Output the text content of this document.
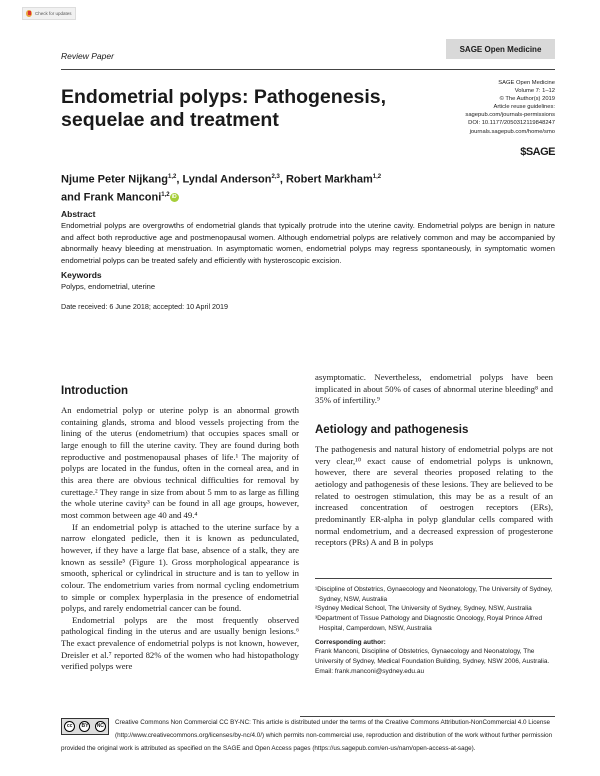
Check for updates
Review Paper
SAGE Open Medicine
Endometrial polyps: Pathogenesis,
sequelae and treatment
SAGE Open Medicine
Volume 7: 1–12
© The Author(s) 2019
Article reuse guidelines:
sagepub.com/journals-permissions
DOI: 10.1177/2050312119848247
journals.sagepub.com/home/smo
$SAGE
Njume Peter Nijkang$^{1,2}$, Lyndal Anderson$^{2,3}$, Robert Markham$^{1,2}$
and Frank Manconi$^{1,2}$ iD
Abstract
Endometrial polyps are overgrowths of endometrial glands that typically protrude into the uterine cavity. Endometrial polyps are benign in nature and affect both reproductive age and postmenopausal women. Although endometrial polyps are relatively common and may be accompanied by abnormally heavy bleeding at menstruation. In asymptomatic women, endometrial polyps may regress spontaneously, in symptomatic women endometrial polyps can be treated safely and efficiently with hysteroscopic excision.
Keywords
Polyps, endometrial, uterine
Date received: 6 June 2018; accepted: 10 April 2019
Introduction

An endometrial polyp or uterine polyp is an abnormal growth containing glands, stroma and blood vessels projecting from the lining of the uterus (endometrium) that occupies spaces small or large enough to fill the uterine cavity. They are found during both reproductive and postmenopausal phases of life.¹ The majority of polyps are located in the fundus, often in the corneal area, and in this area there are obvious technical difficulties for removal by curettage.² They range in size from about 5 mm to as large as filling the whole uterine cavity³ can be found in all age groups, however, most common between age 40 and 49.⁴

If an endometrial polyp is attached to the uterine surface by a narrow elongated pedicle, then it is known as pedunculated, however, if they have a large flat base, absence of a stalk, they are known as sessile⁵ (Figure 1). Gross morphological appearance is smooth, spherical or cylindrical in structure and is tan to yellow in colour. The endometrium varies from normal cycling endometrium to simple or complex hyperplasia in the presence of endometrial polyps, and rarely endometrial cancer can be found.

Endometrial polyps are the most frequently observed pathological finding in the uterus and are usually benign lesions.⁶ The exact prevalence of endometrial polyps is not known, however, Dreisler et al.⁷ reported 82% of the women who had histopathology verified polyps were

asymptomatic. Nevertheless, endometrial polyps have been implicated in about 50% of cases of abnormal uterine bleeding⁸ and 35% of infertility.⁹

Aetiology and pathogenesis

The pathogenesis and natural history of endometrial polyps are not very clear,¹⁰ exact cause of endometrial polyps is unknown, however, there are several theories proposed relating to the aetiology and pathogenesis of these lesions. They are believed to be related to oestrogen stimulation, this may be as a result of an increased concentration of oestrogen receptors (ERs), predominantly ER-alpha in polyp glandular cells compared with normal endometrium, and a decreased expression of progesterone receptors (PRs) A and B in polyps

¹Discipline of Obstetrics, Gynaecology and Neonatology, The University of Sydney, Sydney, NSW, Australia
²Sydney Medical School, The University of Sydney, Sydney, NSW, Australia
³Department of Tissue Pathology and Diagnostic Oncology, Royal Prince Alfred Hospital, Camperdown, NSW, Australia
Corresponding author:
Frank Manconi, Discipline of Obstetrics, Gynaecology and Neonatology, The University of Sydney, Medical Foundation Building, Sydney, NSW 2006, Australia.
Email: frank.manconi@sydney.edu.au
cc	BY	NC
Creative Commons Non Commercial CC BY-NC: This article is distributed under the terms of the Creative Commons Attribution-NonCommercial 4.0 License (http://www.creativecommons.org/licenses/by-nc/4.0/) which permits non-commercial use, reproduction and distribution of the work without further permission provided the original work is attributed as specified on the SAGE and Open Access pages (https://us.sagepub.com/en-us/nam/open-access-at-sage).
